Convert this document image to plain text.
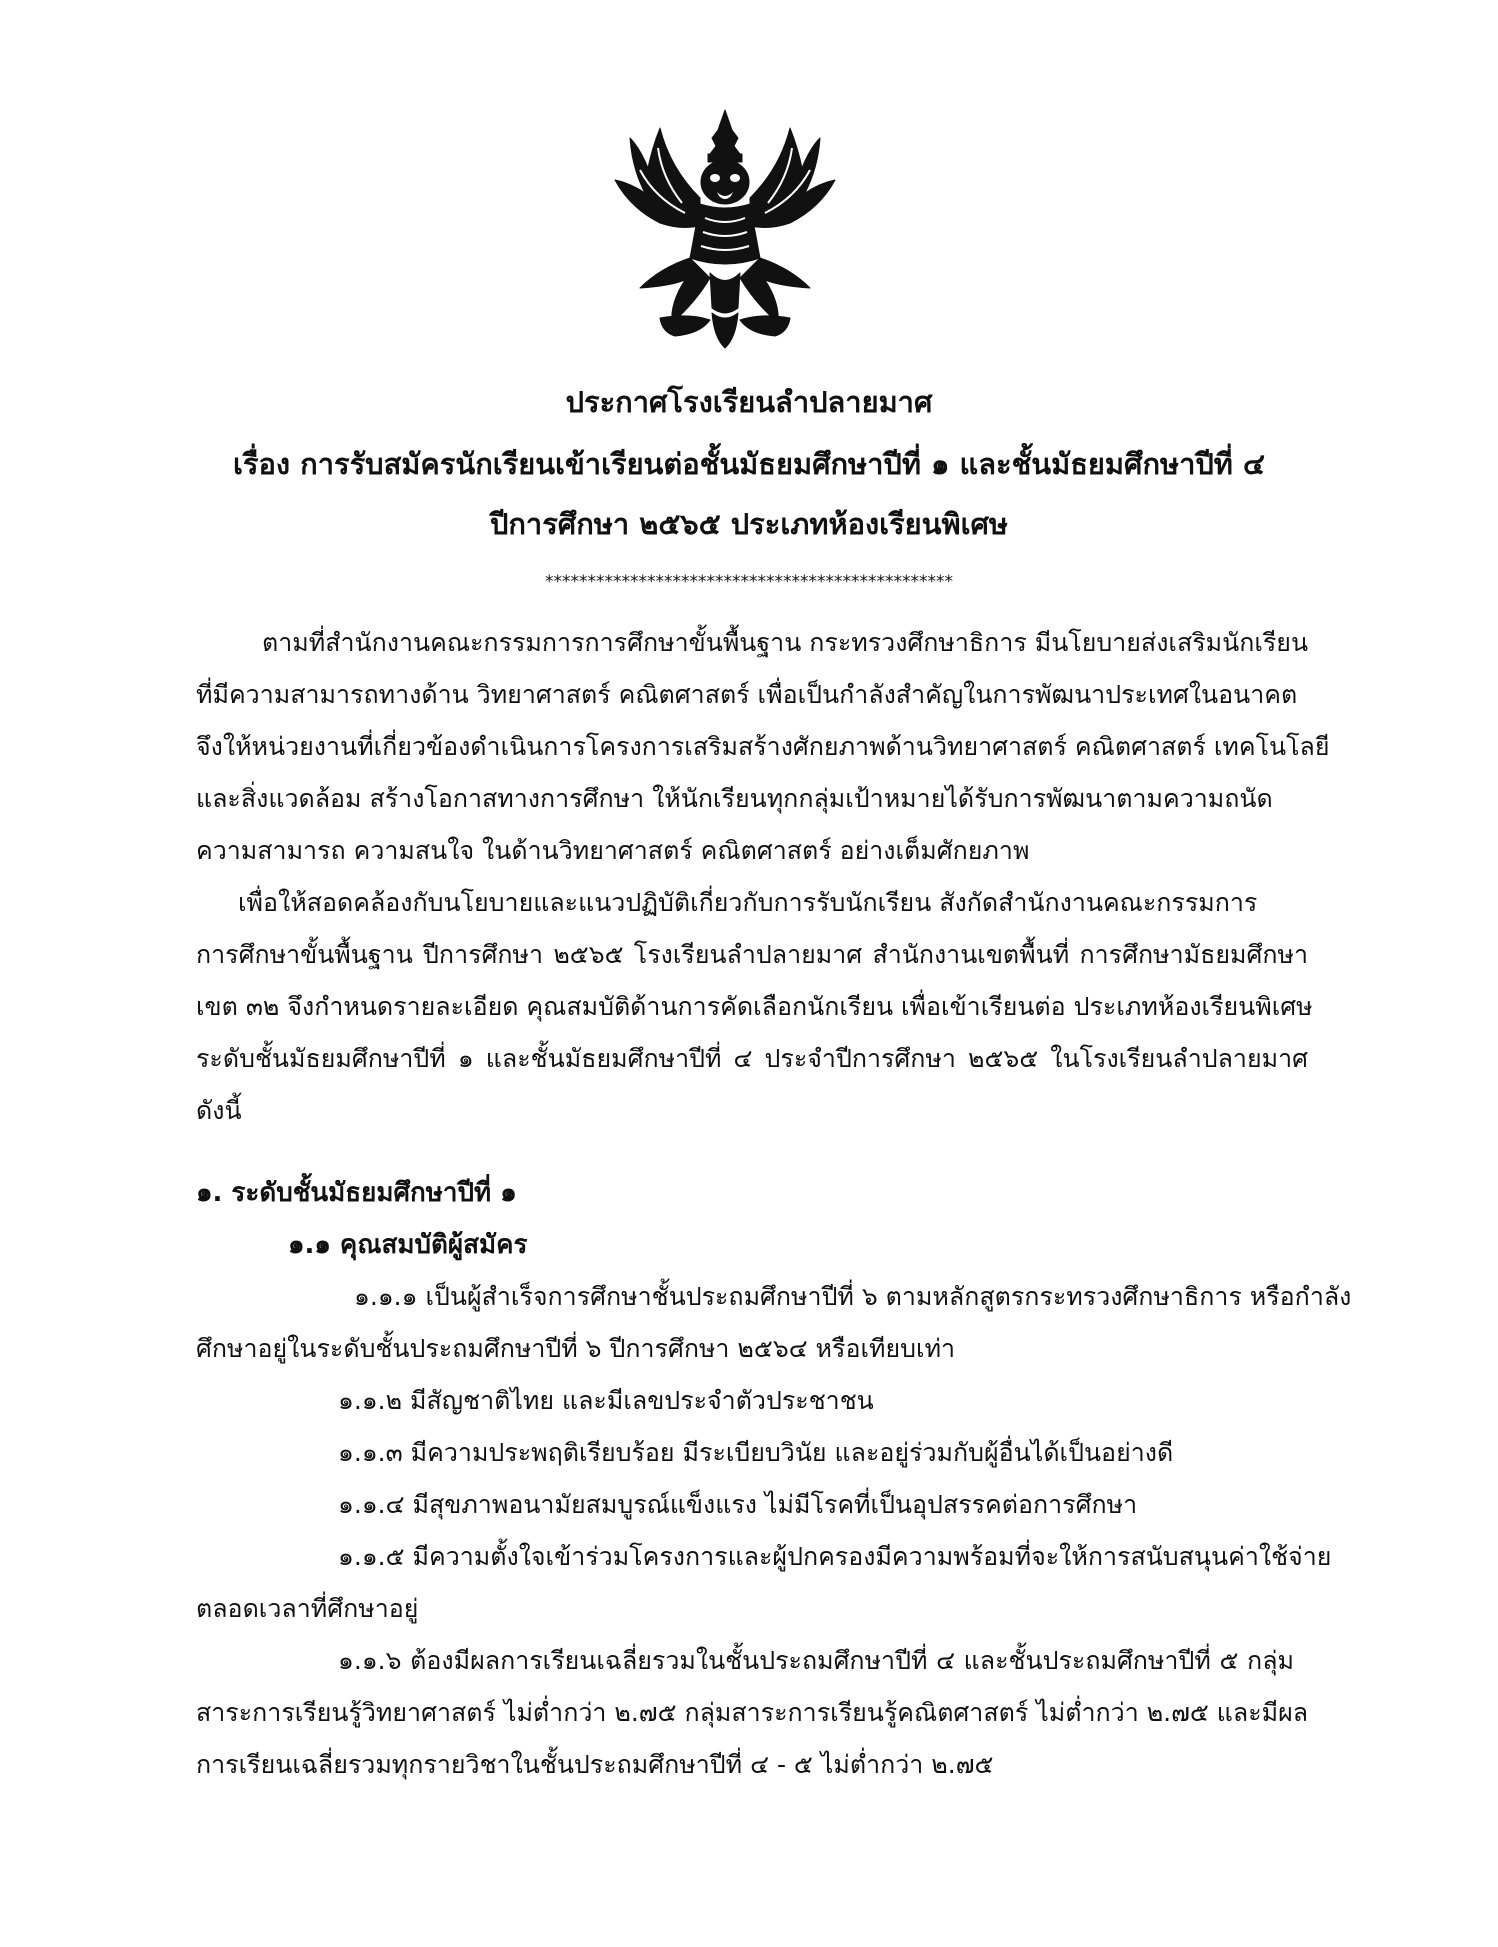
ประกาศโรงเรียนลำปลายมาศ
เรื่อง การรับสมัครนักเรียนเข้าเรียนต่อชั้นมัธยมศึกษาปีที่ ๑ และชั้นมัธยมศึกษาปีที่ ๔
ปีการศึกษา ๒๕๖๕ ประเภทห้องเรียนพิเศษ
************************************************
ตามที่สำนักงานคณะกรรมการการศึกษาขั้นพื้นฐาน กระทรวงศึกษาธิการ มีนโยบายส่งเสริมนักเรียน
ที่มีความสามารถทางด้าน วิทยาศาสตร์ คณิตศาสตร์ เพื่อเป็นกำลังสำคัญในการพัฒนาประเทศในอนาคต
จึงให้หน่วยงานที่เกี่ยวข้องดำเนินการโครงการเสริมสร้างศักยภาพด้านวิทยาศาสตร์ คณิตศาสตร์ เทคโนโลยี
และสิ่งแวดล้อม สร้างโอกาสทางการศึกษา ให้นักเรียนทุกกลุ่มเป้าหมายได้รับการพัฒนาตามความถนัด
ความสามารถ ความสนใจ ในด้านวิทยาศาสตร์ คณิตศาสตร์ อย่างเต็มศักยภาพ
เพื่อให้สอดคล้องกับนโยบายและแนวปฏิบัติเกี่ยวกับการรับนักเรียน สังกัดสำนักงานคณะกรรมการ
การศึกษาขั้นพื้นฐาน ปีการศึกษา ๒๕๖๕ โรงเรียนลำปลายมาศ สำนักงานเขตพื้นที่ การศึกษามัธยมศึกษา
เขต ๓๒ จึงกำหนดรายละเอียด คุณสมบัติด้านการคัดเลือกนักเรียน เพื่อเข้าเรียนต่อ ประเภทห้องเรียนพิเศษ
ระดับชั้นมัธยมศึกษาปีที่ ๑ และชั้นมัธยมศึกษาปีที่ ๔ ประจำปีการศึกษา ๒๕๖๕ ในโรงเรียนลำปลายมาศ
ดังนี้
๑. ระดับชั้นมัธยมศึกษาปีที่ ๑
๑.๑ คุณสมบัติผู้สมัคร
๑.๑.๑ เป็นผู้สำเร็จการศึกษาชั้นประถมศึกษาปีที่ ๖ ตามหลักสูตรกระทรวงศึกษาธิการ หรือกำลัง
ศึกษาอยู่ในระดับชั้นประถมศึกษาปีที่ ๖ ปีการศึกษา ๒๕๖๔ หรือเทียบเท่า
๑.๑.๒ มีสัญชาติไทย และมีเลขประจำตัวประชาชน
๑.๑.๓ มีความประพฤติเรียบร้อย มีระเบียบวินัย และอยู่ร่วมกับผู้อื่นได้เป็นอย่างดี
๑.๑.๔ มีสุขภาพอนามัยสมบูรณ์แข็งแรง ไม่มีโรคที่เป็นอุปสรรคต่อการศึกษา
๑.๑.๕ มีความตั้งใจเข้าร่วมโครงการและผู้ปกครองมีความพร้อมที่จะให้การสนับสนุนค่าใช้จ่าย
ตลอดเวลาที่ศึกษาอยู่
๑.๑.๖ ต้องมีผลการเรียนเฉลี่ยรวมในชั้นประถมศึกษาปีที่ ๔ และชั้นประถมศึกษาปีที่ ๕ กลุ่ม
สาระการเรียนรู้วิทยาศาสตร์ ไม่ต่ำกว่า ๒.๗๕ กลุ่มสาระการเรียนรู้คณิตศาสตร์ ไม่ต่ำกว่า ๒.๗๕ และมีผล
การเรียนเฉลี่ยรวมทุกรายวิชาในชั้นประถมศึกษาปีที่ ๔ - ๕ ไม่ต่ำกว่า ๒.๗๕
